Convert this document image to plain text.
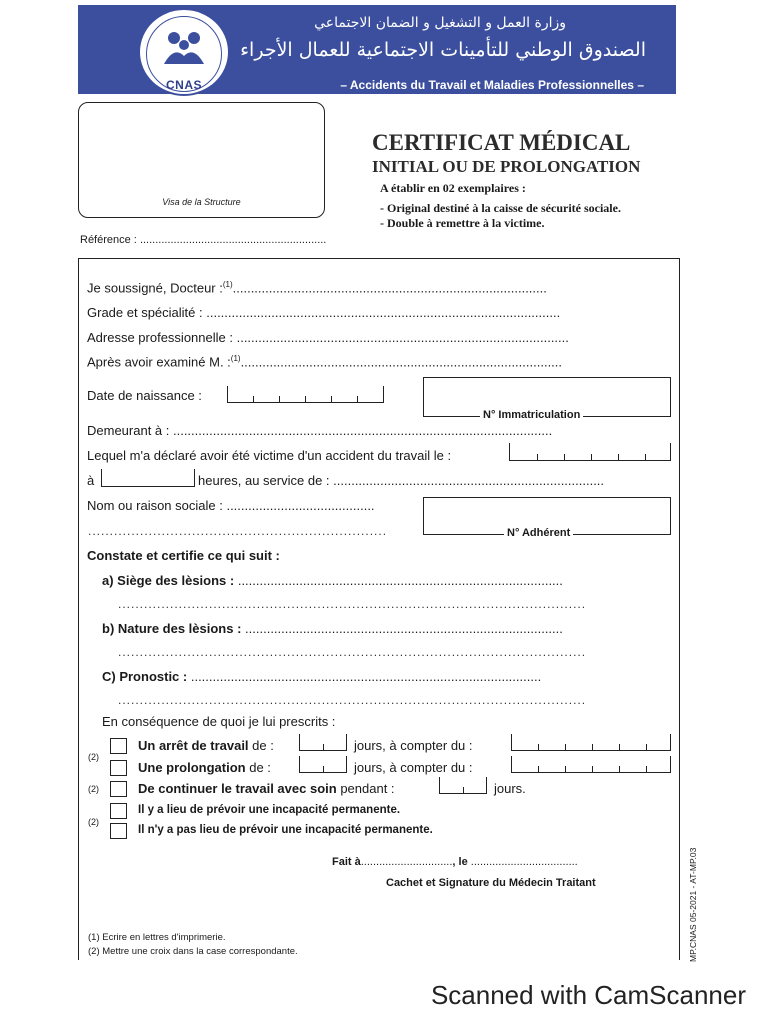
وزارة العمل و التشغيل و الضمان الاجتماعي
الصندوق الوطني للتأمينات الاجتماعية للعمال الأجراء
– Accidents du Travail et Maladies Professionnelles –
CNAS
Visa de la Structure
CERTIFICAT MÉDICAL
INITIAL OU DE PROLONGATION
A établir en 02 exemplaires :
- Original destiné à la caisse de sécurité sociale.
- Double à remettre à la victime.
Référence : .............................................................
Je soussigné, Docteur :$^{(1)}$.......................................................................................
Grade et spécialité : ..................................................................................................
Adresse professionnelle : ............................................................................................
Après avoir examiné M. :$^{(1)}$.........................................................................................
Date de naissance :
N° Immatriculation
Demeurant à : .........................................................................................................
Lequel m'a déclaré avoir été victime d'un accident du travail le :
à	heures, au service de : ...........................................................................
Nom ou raison sociale : .........................................
.....................................................................	N° Adhérent
Constate et certifie ce qui suit :
a) Siège des lèsions : ..........................................................................................
............................................................................................................
b) Nature des lèsions : ........................................................................................
............................................................................................................
C) Pronostic : .................................................................................................
............................................................................................................
En conséquence de quoi je lui prescrits :
(2)
Un arrêt de travail de :	jours, à compter du :
Une prolongation de :	jours, à compter du :
(2)	De continuer le travail avec soin pendant :	jours.
(2)
Il y a lieu de prévoir une incapacité permanente.
Il n'y a pas lieu de prévoir une incapacité permanente.
Fait à.............................., le ...................................
Cachet et Signature du Médecin Traitant
(1) Ecrire en lettres d'imprimerie.
(2) Mettre une croix dans la case correspondante.	MP.CNAS 05-2021 - AT-MP.03
Scanned with CamScanner
